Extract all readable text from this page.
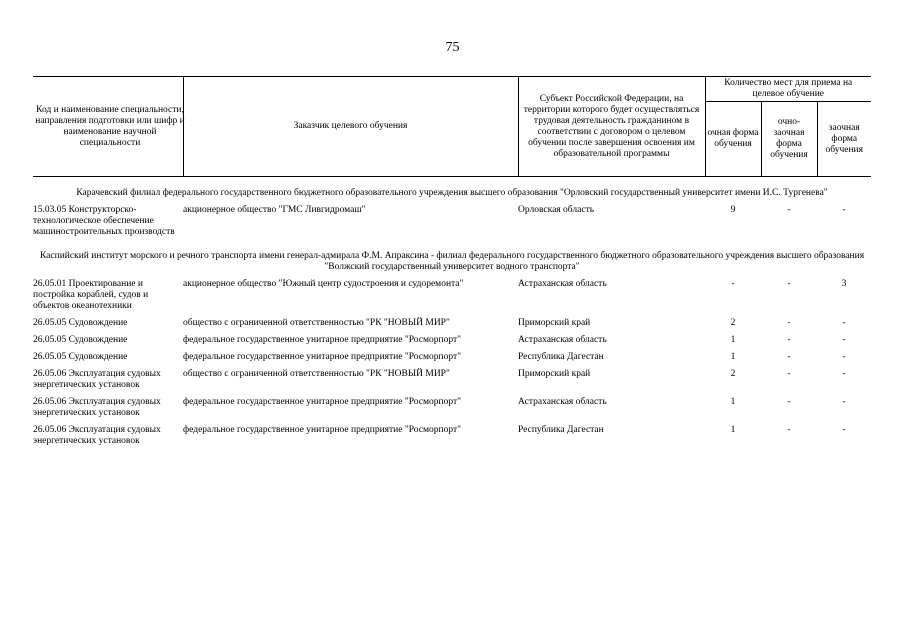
75
Код и наименование специальности, направления подготовки или шифр и наименование научной специальности	Заказчик целевого обучения	Субъект Российской Федерации, на территории которого будет осуществляться трудовая деятельность гражданином в соответствии с договором о целевом обучении после завершения освоения им образовательной программы	Количество мест для приема на целевое обучение		
			очная форма обучения	очно-заочная форма обучения	заочная форма обучения

Карачевский филиал федерального государственного бюджетного образовательного учреждения высшего образования "Орловский государственный университет имени И.С. Тургенева"					
15.03.05 Конструкторско-технологическое обеспечение машиностроительных производств	акционерное общество "ГМС Ливгидромаш"	Орловская область	9	-	-
Каспийский институт морского и речного транспорта имени генерал-адмирала Ф.М. Апраксина - филиал федерального государственного бюджетного образовательного учреждения высшего образования "Волжский государственный университет водного транспорта"					
26.05.01 Проектирование и постройка кораблей, судов и объектов океанотехники	акционерное общество "Южный центр судостроения и судоремонта"	Астраханская область	-	-	3
26.05.05 Судовождение	общество с ограниченной ответственностью "РК "НОВЫЙ МИР"	Приморский край	2	-	-
26.05.05 Судовождение	федеральное государственное унитарное предприятие "Росморпорт"	Астраханская область	1	-	-
26.05.05 Судовождение	федеральное государственное унитарное предприятие "Росморпорт"	Республика Дагестан	1	-	-
26.05.06 Эксплуатация судовых энергетических установок	общество с ограниченной ответственностью "РК "НОВЫЙ МИР"	Приморский край	2	-	-
26.05.06 Эксплуатация судовых энергетических установок	федеральное государственное унитарное предприятие "Росморпорт"	Астраханская область	1	-	-
26.05.06 Эксплуатация судовых энергетических установок	федеральное государственное унитарное предприятие "Росморпорт"	Республика Дагестан	1	-	-
